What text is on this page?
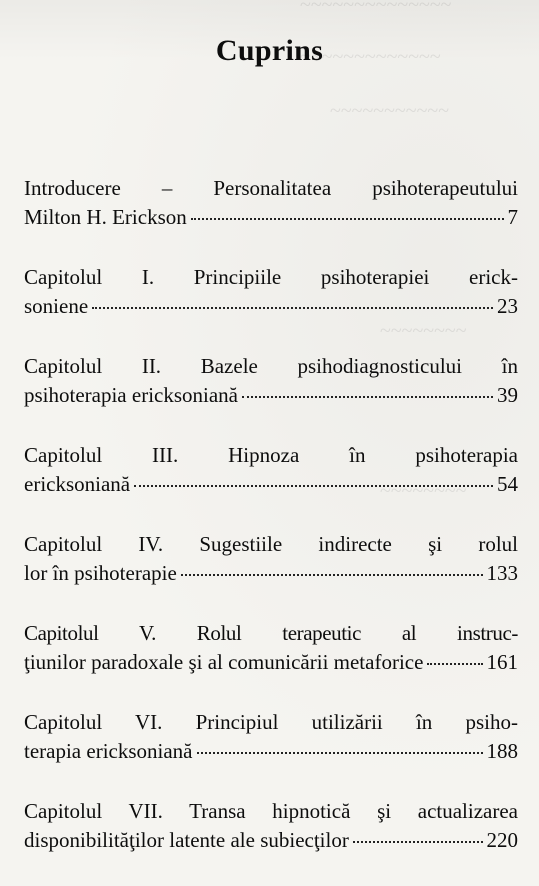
~~~~~~~~~~~~~~
~~~~~~~~~~~~~
~~~~~~~~~~~
~~~~~~~~
~~~~~~~~
Cuprins
Introducere – Personalitatea psihoterapeutului
Milton H. Erickson	7
Capitolul I. Principiile psihoterapiei erick-
soniene	23
Capitolul II. Bazele psihodiagnosticului în
psihoterapia ericksoniană	39
Capitolul III. Hipnoza în psihoterapia
ericksoniană	54
Capitolul IV. Sugestiile indirecte şi rolul
lor în psihoterapie	133
Capitolul V. Rolul terapeutic al instruc-
ţiunilor paradoxale şi al comunicării metaforice	161
Capitolul VI. Principiul utilizării în psiho-
terapia ericksoniană	188
Capitolul VII. Transa hipnotică şi actualizarea
disponibilităţilor latente ale subiecţilor	220
